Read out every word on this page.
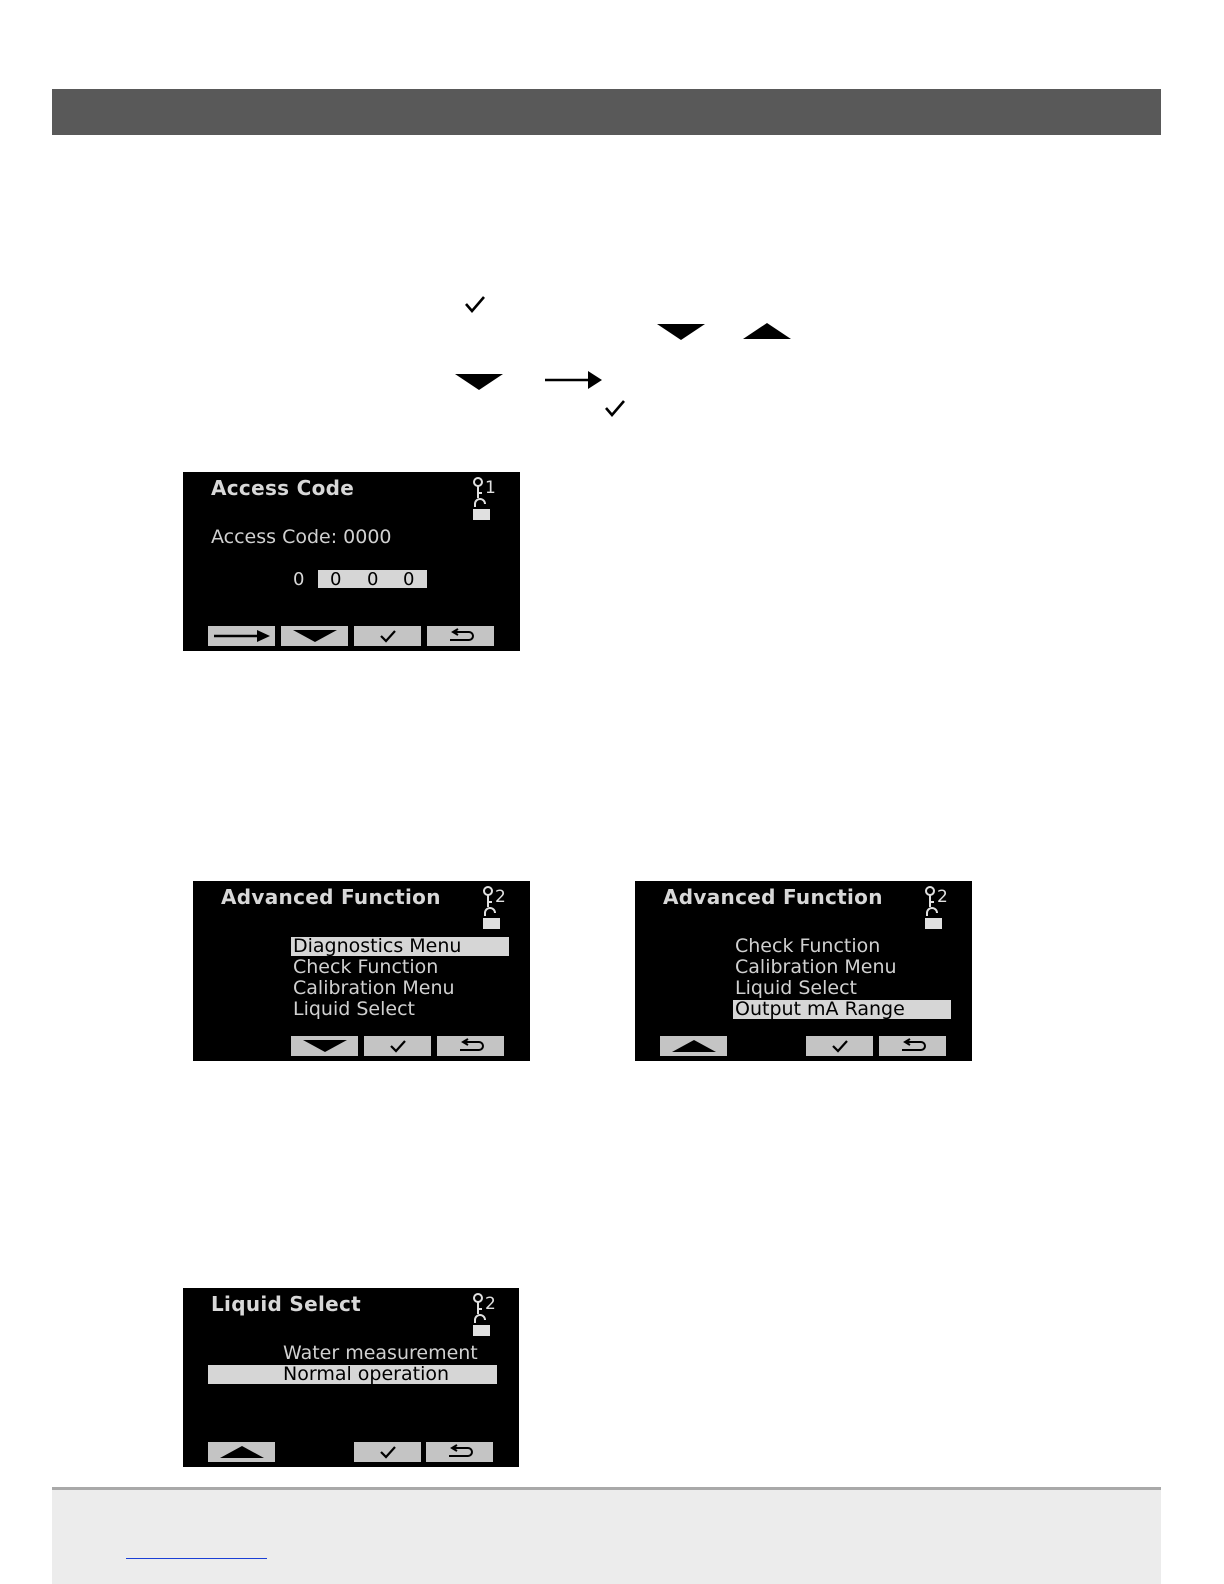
Access Code	1
Access Code: 0000
0 0 0 0
Advanced Function	2
Diagnostics Menu
Check Function
Calibration Menu
Liquid Select
Advanced Function	2
Check Function
Calibration Menu
Liquid Select
Output mA Range
Liquid Select	2
Water measurement
Normal operation
